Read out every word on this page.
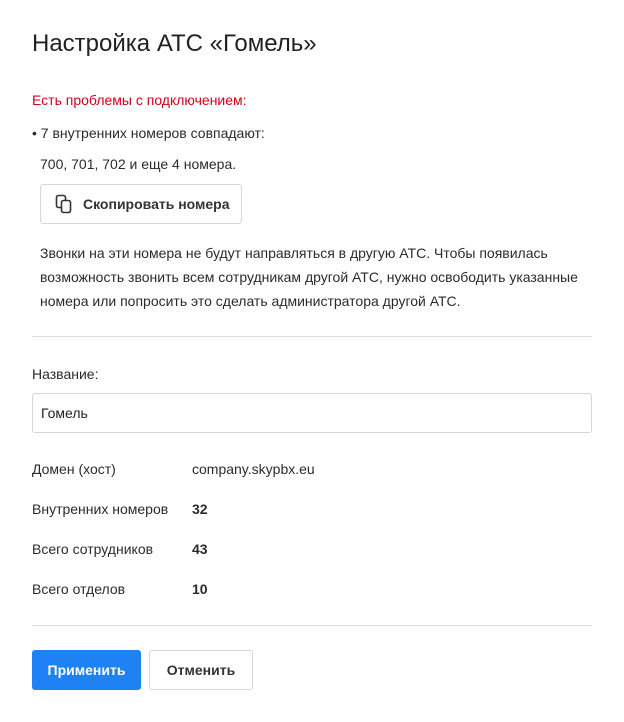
Настройка АТС «Гомель»
Есть проблемы с подключением:
• 7 внутренних номеров совпадают:
700, 701, 702 и еще 4 номера.
Скопировать номера
Звонки на эти номера не будут направляться в другую АТС. Чтобы появилась возможность звонить всем сотрудникам другой АТС, нужно освободить указанные номера или попросить это сделать администратора другой АТС.
Название:
Гомель
Домен (хост)	company.skypbx.eu
Внутренних номеров 32
Всего сотрудников	43
Всего отделов	10
Применить	Отменить
